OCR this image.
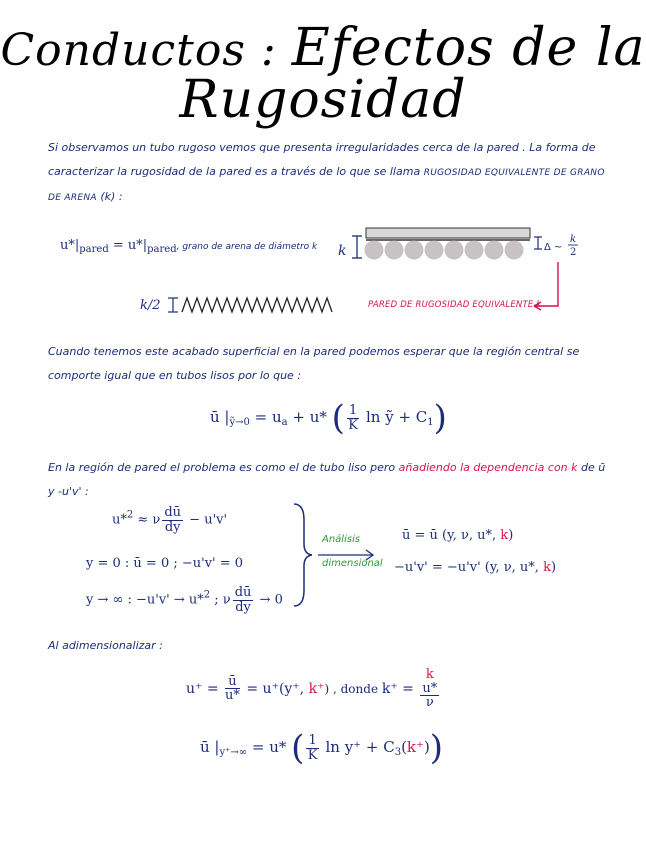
Conductos : Efectos de la Rugosidad
Si observamos un tubo rugoso vemos que presenta irregularidades cerca de la pared . La forma de caracterizar la rugosidad de la pared es a través de lo que se llama RUGOSIDAD EQUIVALENTE DE GRANO DE ARENA (k) :
$u*|_{pared} = u*|_{pared}$, grano de arena de diámetro k k	Δ ~
k
2
k/2	PARED DE RUGOSIDAD EQUIVALENTE k
Cuando tenemos este acabado superficial en la pared podemos esperar que la región central se comporte igual que en tubos lisos por lo que :
ū $|_{ỹ\to 0} = u_a + u*$ ( $\frac{1}{K}$ ln ỹ + $C_1$)
En la región de pared el problema es como el de tubo liso pero añadiendo la dependencia con k de ū y -u'v' :
u*$^2$ ≈ ν $\frac{dū}{dy} - u'v'$
y = 0 : ū = 0 ; −u'v' = 0
y → ∞ : −u'v' → u*$^2$ ; ν $\frac{dū}{dy} \to 0$
Análisis
dimensional
ū = ū (y, ν, u*, k)
−u'v' = −u'v' (y, ν, u*, k)
Al adimensionalizar :
$u^+ = \frac{ū}{u*} = u^+(y^+$, k⁺) , donde k⁺ = k
u*
ν
ū $|_{y^+\to\infty} = u*$ ( $\frac{1}{K}$ $\ln y^+ + C_3(k^+)$)
